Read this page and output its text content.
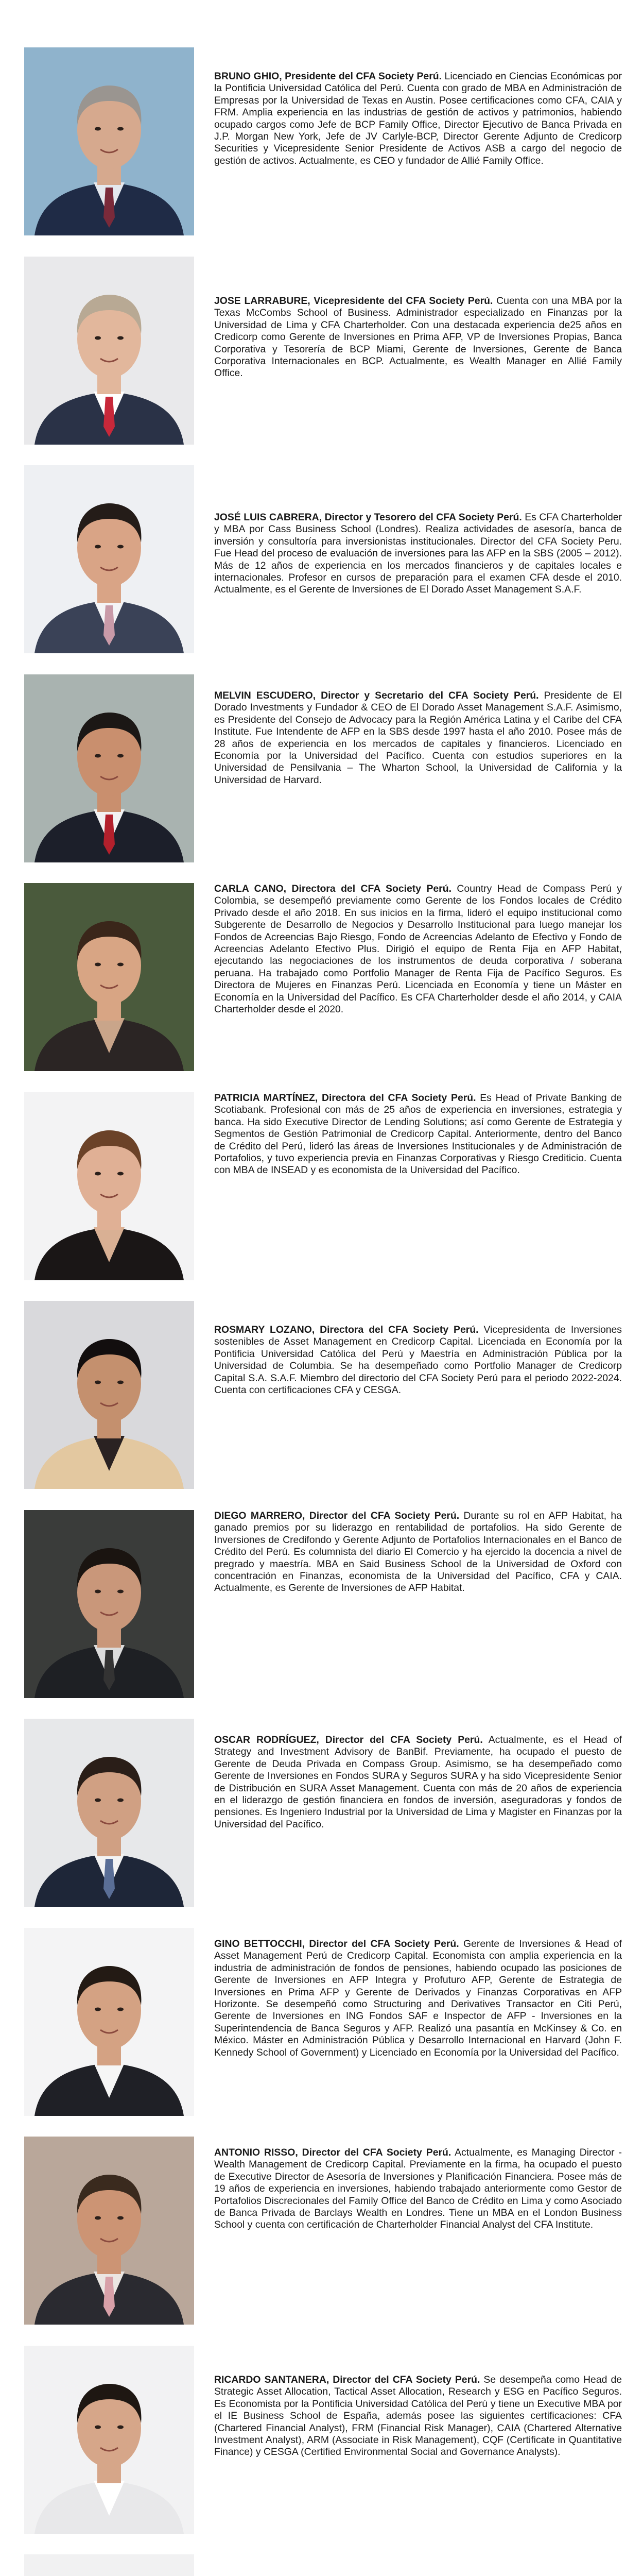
BRUNO GHIO, Presidente del CFA Society Perú. Licenciado en Ciencias Económicas por la Pontificia Universidad Católica del Perú. Cuenta con grado de MBA en Administración de Empresas por la Universidad de Texas en Austin. Posee certificaciones como CFA, CAIA y FRM. Amplia experiencia en las industrias de gestión de activos y patrimonios, habiendo ocupado cargos como Jefe de BCP Family Office, Director Ejecutivo de Banca Privada en J.P. Morgan New York, Jefe de JV Carlyle-BCP, Director Gerente Adjunto de Credicorp Securities y Vicepresidente Senior Presidente de Activos ASB a cargo del negocio de gestión de activos. Actualmente, es CEO y fundador de Allié Family Office.

JOSE LARRABURE, Vicepresidente del CFA Society Perú. Cuenta con una MBA por la Texas McCombs School of Business. Administrador especializado en Finanzas por la Universidad de Lima y CFA Charterholder. Con una destacada experiencia de25 años en Credicorp como Gerente de Inversiones en Prima AFP, VP de Inversiones Propias, Banca Corporativa y Tesorería de BCP Miami, Gerente de Inversiones, Gerente de Banca Corporativa Internacionales en BCP. Actualmente, es Wealth Manager en Allié Family Office.

JOSÉ LUIS CABRERA, Director y Tesorero del CFA Society Perú. Es CFA Charterholder y MBA por Cass Business School (Londres). Realiza actividades de asesoría, banca de inversión y consultoría para inversionistas institucionales. Director del CFA Society Peru. Fue Head del proceso de evaluación de inversiones para las AFP en la SBS (2005 – 2012). Más de 12 años de experiencia en los mercados financieros y de capitales locales e internacionales. Profesor en cursos de preparación para el examen CFA desde el 2010. Actualmente, es el Gerente de Inversiones de El Dorado Asset Management S.A.F.

MELVIN ESCUDERO, Director y Secretario del CFA Society Perú. Presidente de El Dorado Investments y Fundador & CEO de El Dorado Asset Management S.A.F. Asimismo, es Presidente del Consejo de Advocacy para la Región América Latina y el Caribe del CFA Institute. Fue Intendente de AFP en la SBS desde 1997 hasta el año 2010. Posee más de 28 años de experiencia en los mercados de capitales y financieros. Licenciado en Economía por la Universidad del Pacífico. Cuenta con estudios superiores en la Universidad de Pensilvania – The Wharton School, la Universidad de California y la Universidad de Harvard.

CARLA CANO, Directora del CFA Society Perú. Country Head de Compass Perú y Colombia, se desempeñó previamente como Gerente de los Fondos locales de Crédito Privado desde el año 2018. En sus inicios en la firma, lideró el equipo institucional como Subgerente de Desarrollo de Negocios y Desarrollo Institucional para luego manejar los Fondos de Acreencias Bajo Riesgo, Fondo de Acreencias Adelanto de Efectivo y Fondo de Acreencias Adelanto Efectivo Plus. Dirigió el equipo de Renta Fija en AFP Habitat, ejecutando las negociaciones de los instrumentos de deuda corporativa / soberana peruana. Ha trabajado como Portfolio Manager de Renta Fija de Pacífico Seguros. Es Directora de Mujeres en Finanzas Perú. Licenciada en Economía y tiene un Máster en Economía en la Universidad del Pacífico. Es CFA Charterholder desde el año 2014, y CAIA Charterholder desde el 2020.

PATRICIA MARTÍNEZ, Directora del CFA Society Perú. Es Head of Private Banking de Scotiabank. Profesional con más de 25 años de experiencia en inversiones, estrategia y banca. Ha sido Executive Director de Lending Solutions; así como Gerente de Estrategia y Segmentos de Gestión Patrimonial de Credicorp Capital. Anteriormente, dentro del Banco de Crédito del Perú, lideró las áreas de Inversiones Institucionales y de Administración de Portafolios, y tuvo experiencia previa en Finanzas Corporativas y Riesgo Crediticio. Cuenta con MBA de INSEAD y es economista de la Universidad del Pacífico.

ROSMARY LOZANO, Directora del CFA Society Perú. Vicepresidenta de Inversiones sostenibles de Asset Management en Credicorp Capital. Licenciada en Economía por la Pontificia Universidad Católica del Perú y Maestría en Administración Pública por la Universidad de Columbia. Se ha desempeñado como Portfolio Manager de Credicorp Capital S.A. S.A.F. Miembro del directorio del CFA Society Perú para el periodo 2022-2024. Cuenta con certificaciones CFA y CESGA.

DIEGO MARRERO, Director del CFA Society Perú. Durante su rol en AFP Habitat, ha ganado premios por su liderazgo en rentabilidad de portafolios. Ha sido Gerente de Inversiones de Credifondo y Gerente Adjunto de Portafolios Internacionales en el Banco de Crédito del Perú. Es columnista del diario El Comercio y ha ejercido la docencia a nivel de pregrado y maestría. MBA en Said Business School de la Universidad de Oxford con concentración en Finanzas, economista de la Universidad del Pacífico, CFA y CAIA. Actualmente, es Gerente de Inversiones de AFP Habitat.

OSCAR RODRÍGUEZ, Director del CFA Society Perú. Actualmente, es el Head of Strategy and Investment Advisory de BanBif. Previamente, ha ocupado el puesto de Gerente de Deuda Privada en Compass Group. Asimismo, se ha desempeñado como Gerente de Inversiones en Fondos SURA y Seguros SURA y ha sido Vicepresidente Senior de Distribución en SURA Asset Management. Cuenta con más de 20 años de experiencia en el liderazgo de gestión financiera en fondos de inversión, aseguradoras y fondos de pensiones. Es Ingeniero Industrial por la Universidad de Lima y Magister en Finanzas por la Universidad del Pacífico.

GINO BETTOCCHI, Director del CFA Society Perú. Gerente de Inversiones & Head of Asset Management Perú de Credicorp Capital. Economista con amplia experiencia en la industria de administración de fondos de pensiones, habiendo ocupado las posiciones de Gerente de Inversiones en AFP Integra y Profuturo AFP, Gerente de Estrategia de Inversiones en Prima AFP y Gerente de Derivados y Finanzas Corporativas en AFP Horizonte. Se desempeñó como Structuring and Derivatives Transactor en Citi Perú, Gerente de Inversiones en ING Fondos SAF e Inspector de AFP - Inversiones en la Superintendencia de Banca Seguros y AFP. Realizó una pasantía en McKinsey & Co. en México. Máster en Administración Pública y Desarrollo Internacional en Harvard (John F. Kennedy School of Government) y Licenciado en Economía por la Universidad del Pacífico.

ANTONIO RISSO, Director del CFA Society Perú. Actualmente, es Managing Director - Wealth Management de Credicorp Capital. Previamente en la firma, ha ocupado el puesto de Executive Director de Asesoría de Inversiones y Planificación Financiera. Posee más de 19 años de experiencia en inversiones, habiendo trabajado anteriormente como Gestor de Portafolios Discrecionales del Family Office del Banco de Crédito en Lima y como Asociado de Banca Privada de Barclays Wealth en Londres. Tiene un MBA en el London Business School y cuenta con certificación de Charterholder Financial Analyst del CFA Institute.

RICARDO SANTANERA, Director del CFA Society Perú. Se desempeña como Head de Strategic Asset Allocation, Tactical Asset Allocation, Research y ESG en Pacífico Seguros. Es Economista por la Pontificia Universidad Católica del Perú y tiene un Executive MBA por el IE Business School de España, además posee las siguientes certificaciones: CFA (Chartered Financial Analyst), FRM (Financial Risk Manager), CAIA (Chartered Alternative Investment Analyst), ARM (Associate in Risk Management), CQF (Certificate in Quantitative Finance) y CESGA (Certified Environmental Social and Governance Analysts).
